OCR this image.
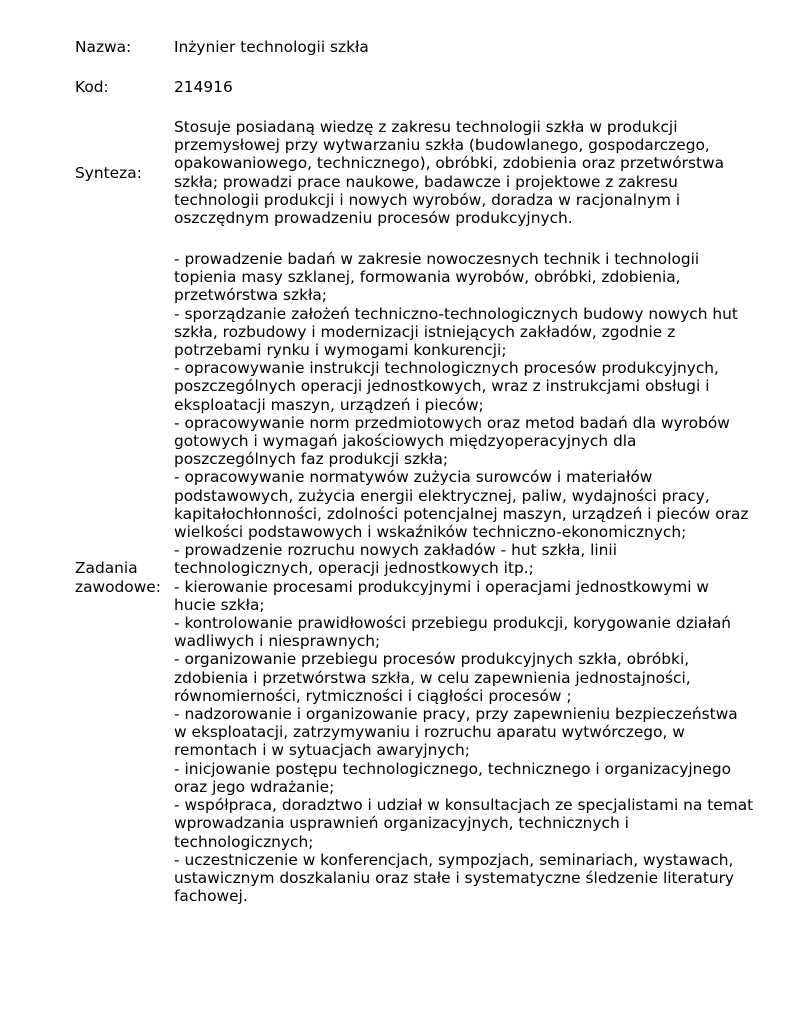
Nazwa:	Inżynier technologii szkła
Kod:	214916
Synteza:
Stosuje posiadaną wiedzę z zakresu technologii szkła w produkcji przemysłowej przy wytwarzaniu szkła (budowlanego, gospodarczego, opakowaniowego, technicznego), obróbki, zdobienia oraz przetwórstwa szkła; prowadzi prace naukowe, badawcze i projektowe z zakresu technologii produkcji i nowych wyrobów, doradza w racjonalnym i oszczędnym prowadzeniu procesów produkcyjnych.
Zadania zawodowe:
- prowadzenie badań w zakresie nowoczesnych technik i technologii topienia masy szklanej, formowania wyrobów, obróbki, zdobienia, przetwórstwa szkła;
- sporządzanie założeń techniczno-technologicznych budowy nowych hut szkła, rozbudowy i modernizacji istniejących zakładów, zgodnie z potrzebami rynku i wymogami konkurencji;
- opracowywanie instrukcji technologicznych procesów produkcyjnych, poszczególnych operacji jednostkowych, wraz z instrukcjami obsługi i eksploatacji maszyn, urządzeń i pieców;
- opracowywanie norm przedmiotowych oraz metod badań dla wyrobów gotowych i wymagań jakościowych międzyoperacyjnych dla poszczególnych faz produkcji szkła;
- opracowywanie normatywów zużycia surowców i materiałów podstawowych, zużycia energii elektrycznej, paliw, wydajności pracy, kapitałochłonności, zdolności potencjalnej maszyn, urządzeń i pieców oraz wielkości podstawowych i wskaźników techniczno-ekonomicznych;
- prowadzenie rozruchu nowych zakładów - hut szkła, linii technologicznych, operacji jednostkowych itp.;
- kierowanie procesami produkcyjnymi i operacjami jednostkowymi w hucie szkła;
- kontrolowanie prawidłowości przebiegu produkcji, korygowanie działań wadliwych i niesprawnych;
- organizowanie przebiegu procesów produkcyjnych szkła, obróbki, zdobienia i przetwórstwa szkła, w celu zapewnienia jednostajności, równomierności, rytmiczności i ciągłości procesów ;
- nadzorowanie i organizowanie pracy, przy zapewnieniu bezpieczeństwa w eksploatacji, zatrzymywaniu i rozruchu aparatu wytwórczego, w remontach i w sytuacjach awaryjnych;
- inicjowanie postępu technologicznego, technicznego i organizacyjnego oraz jego wdrażanie;
- współpraca, doradztwo i udział w konsultacjach ze specjalistami na temat wprowadzania usprawnień organizacyjnych, technicznych i technologicznych;
- uczestniczenie w konferencjach, sympozjach, seminariach, wystawach, ustawicznym doszkalaniu oraz stałe i systematyczne śledzenie literatury fachowej.
